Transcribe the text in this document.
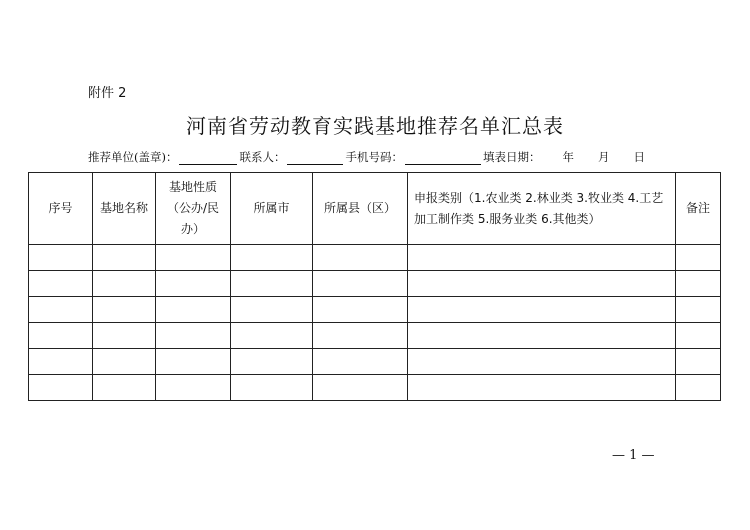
附件 2
河南省劳动教育实践基地推荐名单汇总表
推荐单位(盖章)：	联系人：	手机号码：	填表日期： 年 月 日
序号	基地名称	基地性质（公办/民办）	所属市	所属县（区）	申报类别（1.农业类 2.林业类 3.牧业类 4.工艺加工制作类 5.服务业类 6.其他类）	备注

— 1 —
